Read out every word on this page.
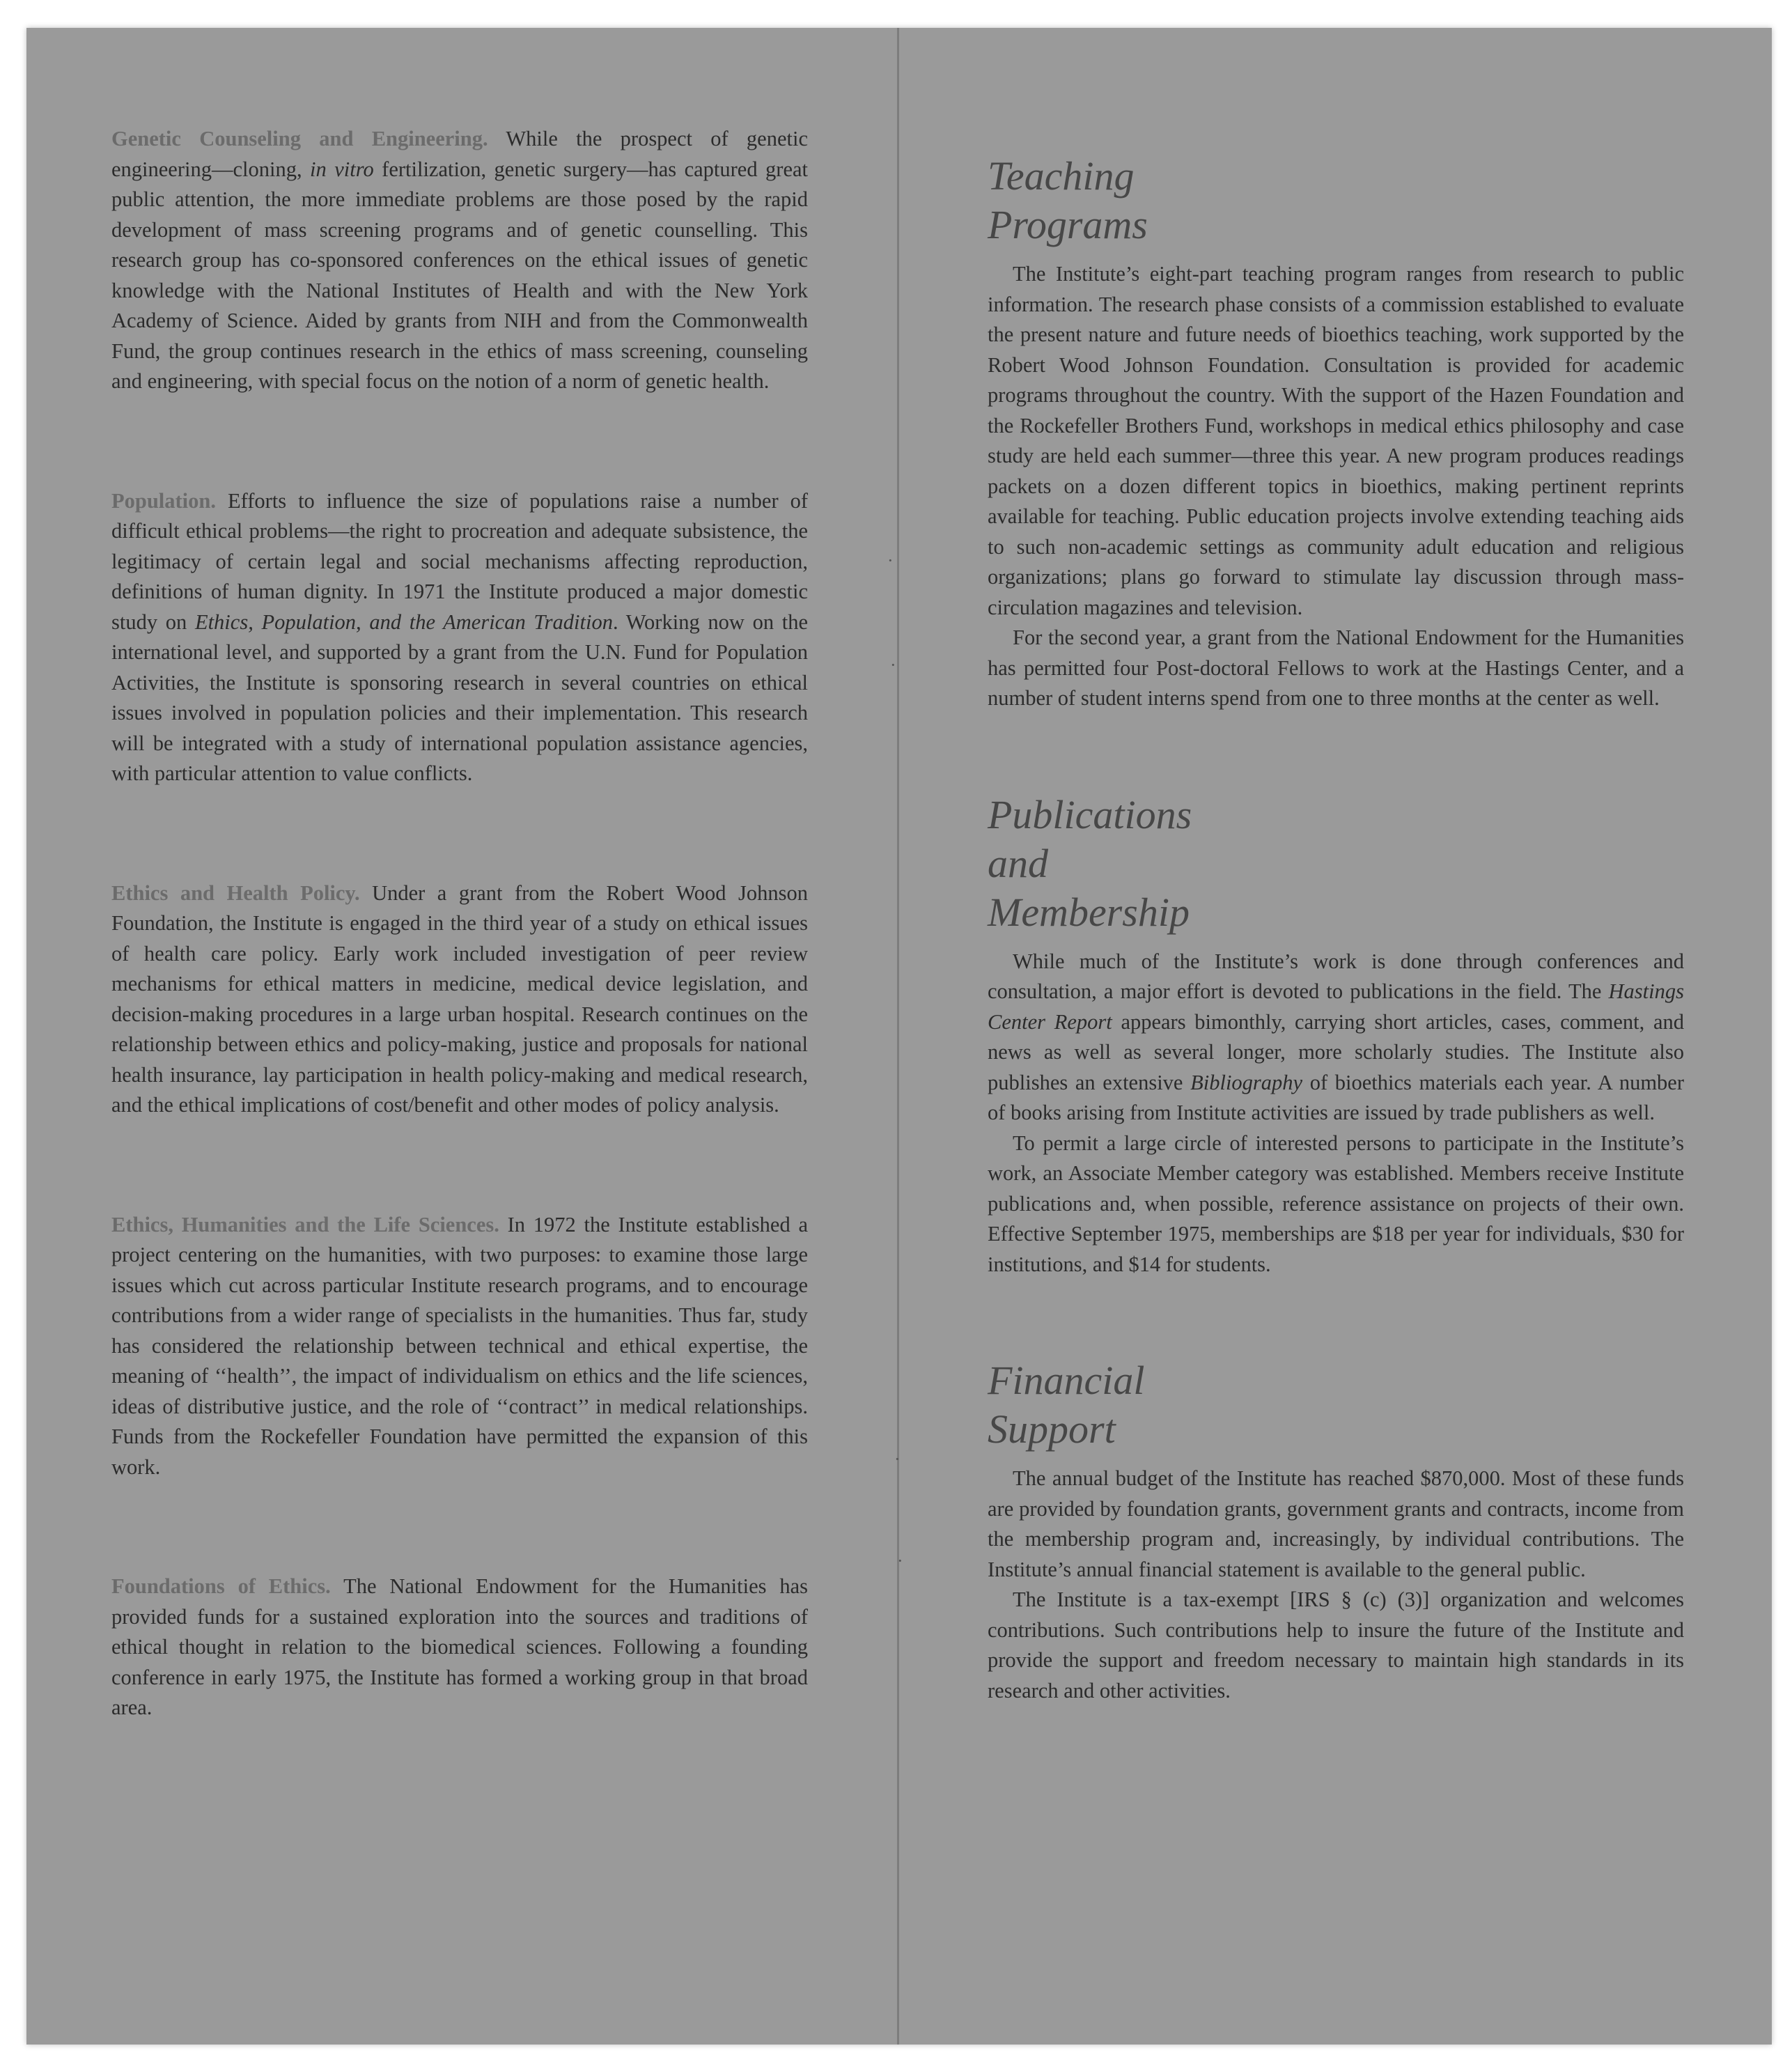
·
·
·
·

Genetic Counseling and Engineering. While the prospect of genetic engineering—cloning, in vitro fertilization, genetic surgery—has captured great public attention, the more immediate problems are those posed by the rapid development of mass screening programs and of genetic counselling. This research group has co-sponsored conferences on the ethical issues of genetic knowledge with the National Institutes of Health and with the New York Academy of Science. Aided by grants from NIH and from the Commonwealth Fund, the group continues research in the ethics of mass screening, counseling and engineering, with special focus on the notion of a norm of genetic health.

Population. Efforts to influence the size of populations raise a number of difficult ethical problems—the right to procreation and adequate subsistence, the legitimacy of certain legal and social mechanisms affecting reproduction, definitions of human dignity. In 1971 the Institute produced a major domestic study on Ethics, Population, and the American Tradition. Working now on the international level, and supported by a grant from the U.N. Fund for Population Activities, the Institute is sponsoring research in several countries on ethical issues involved in population policies and their implementation. This research will be integrated with a study of international population assistance agencies, with particular attention to value conflicts.

Ethics and Health Policy. Under a grant from the Robert Wood Johnson Foundation, the Institute is engaged in the third year of a study on ethical issues of health care policy. Early work included investigation of peer review mechanisms for ethical matters in medicine, medical device legislation, and decision-making procedures in a large urban hospital. Research continues on the relationship between ethics and policy-making, justice and proposals for national health insurance, lay participation in health policy-making and medical research, and the ethical implications of cost/benefit and other modes of policy analysis.

Ethics, Humanities and the Life Sciences. In 1972 the Institute established a project centering on the humanities, with two purposes: to examine those large issues which cut across particular Institute research programs, and to encourage contributions from a wider range of specialists in the humanities. Thus far, study has considered the relationship between technical and ethical expertise, the meaning of ‘‘health’’, the impact of individualism on ethics and the life sciences, ideas of distributive justice, and the role of ‘‘contract’’ in medical relationships. Funds from the Rockefeller Foundation have permitted the expansion of this work.

Foundations of Ethics. The National Endowment for the Humanities has provided funds for a sustained exploration into the sources and traditions of ethical thought in relation to the biomedical sciences. Following a founding conference in early 1975, the Institute has formed a working group in that broad area.

Teaching
Programs

The Institute’s eight-part teaching program ranges from research to public information. The research phase consists of a commission established to evaluate the present nature and future needs of bioethics teaching, work supported by the Robert Wood Johnson Foundation. Consultation is provided for academic programs throughout the country. With the support of the Hazen Foundation and the Rockefeller Brothers Fund, workshops in medical ethics philosophy and case study are held each summer—three this year. A new program produces readings packets on a dozen different topics in bioethics, making pertinent reprints available for teaching. Public education projects involve extending teaching aids to such non-academic settings as community adult education and religious organizations; plans go forward to stimulate lay discussion through mass-circulation magazines and television.

For the second year, a grant from the National Endowment for the Humanities has permitted four Post-doctoral Fellows to work at the Hastings Center, and a number of student interns spend from one to three months at the center as well.

Publications
and
Membership

While much of the Institute’s work is done through conferences and consultation, a major effort is devoted to publications in the field. The Hastings Center Report appears bimonthly, carrying short articles, cases, comment, and news as well as several longer, more scholarly studies. The Institute also publishes an extensive Bibliography of bioethics materials each year. A number of books arising from Institute activities are issued by trade publishers as well.

To permit a large circle of interested persons to participate in the Institute’s work, an Associate Member category was established. Members receive Institute publications and, when possible, reference assistance on projects of their own. Effective September 1975, memberships are $18 per year for individuals, $30 for institutions, and $14 for students.

Financial
Support

The annual budget of the Institute has reached $870,000. Most of these funds are provided by foundation grants, government grants and contracts, income from the membership program and, increasingly, by individual contributions. The Institute’s annual financial statement is available to the general public.

The Institute is a tax-exempt [IRS § (c) (3)] organization and welcomes contributions. Such contributions help to insure the future of the Institute and provide the support and freedom necessary to maintain high standards in its research and other activities.
